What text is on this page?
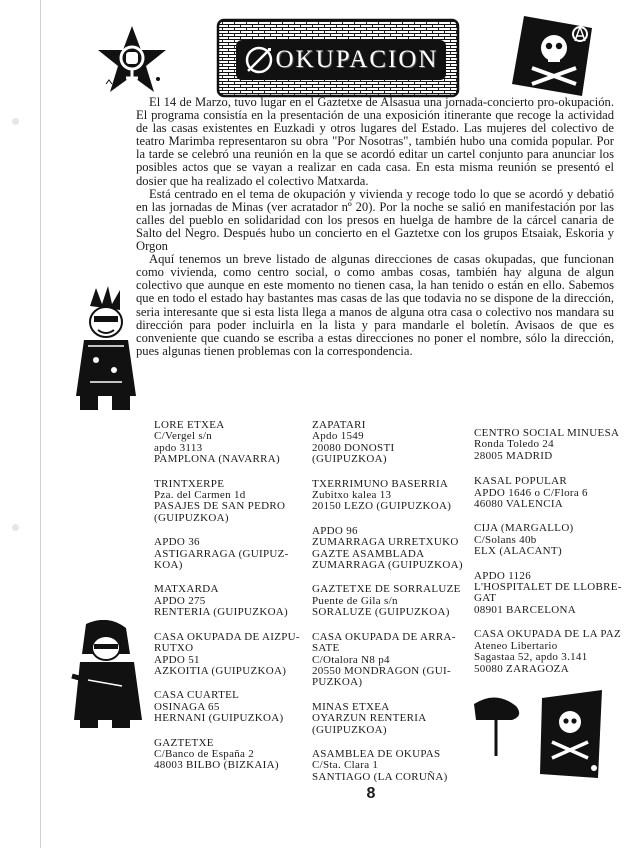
OKUPACION

El 14 de Marzo, tuvo lugar en el Gaztetxe de Alsasua una jornada-concierto pro-okupación. El programa consistía en la presentación de una exposición itinerante que recoge la actividad de las casas existentes en Euzkadi y otros lugares del Estado. Las mujeres del colectivo de teatro Marimba representaron su obra "Por Nosotras", también hubo una comida popular. Por la tarde se celebró una reunión en la que se acordó editar un cartel conjunto para anunciar los posibles actos que se vayan a realizar en cada casa. En esta misma reunión se presentó el dosier que ha realizado el colectivo Matxarda.

Está centrado en el tema de okupación y vivienda y recoge todo lo que se acordó y debatió en las jornadas de Minas (ver acratador nº 20). Por la noche se salió en manifestación por las calles del pueblo en solidaridad con los presos en huelga de hambre de la cárcel canaria de Salto del Negro. Después hubo un concierto en el Gaztetxe con los grupos Etsaiak, Eskoria y Orgon

Aquí tenemos un breve listado de algunas direcciones de casas okupadas, que funcionan como vivienda, como centro social, o como ambas cosas, también hay alguna de algun colectivo que aunque en este momento no tienen casa, la han tenido o están en ello. Sabemos que en todo el estado hay bastantes mas casas de las que todavia no se dispone de la dirección, seria interesante que si esta lista llega a manos de alguna otra casa o colectivo nos mandara su dirección para poder incluirla en la lista y para mandarle el boletín. Avisaos de que es conveniente que cuando se escriba a estas direcciones no poner el nombre, sólo la dirección, pues algunas tienen problemas con la correspondencia.

LORE ETXEA
C/Vergel s/n
apdo 3113
PAMPLONA (NAVARRA)
TRINTXERPE
Pza. del Carmen 1d
PASAJES DE SAN PEDRO
(GUIPUZKOA)
APDO 36
ASTIGARRAGA (GUIPUZ-
KOA)
MATXARDA
APDO 275
RENTERIA (GUIPUZKOA)
CASA OKUPADA DE AIZPU-
RUTXO
APDO 51
AZKOITIA (GUIPUZKOA)
CASA CUARTEL
OSINAGA 65
HERNANI (GUIPUZKOA)
GAZTETXE
C/Banco de España 2
48003 BILBO (BIZKAIA)
ZAPATARI
Apdo 1549
20080 DONOSTI
(GUIPUZKOA)
TXERRIMUNO BASERRIA
Zubitxo kalea 13
20150 LEZO (GUIPUZKOA)
APDO 96
ZUMARRAGA URRETXUKO
GAZTE ASAMBLADA
ZUMARRAGA (GUIPUZKOA)
GAZTETXE DE SORRALUZE
Puente de Gila s/n
SORALUZE (GUIPUZKOA)
CASA OKUPADA DE ARRA-
SATE
C/Otalora N8 p4
20550 MONDRAGON (GUI-
PUZKOA)
MINAS ETXEA
OYARZUN RENTERIA
(GUIPUZKOA)
ASAMBLEA DE OKUPAS
C/Sta. Clara 1
SANTIAGO (LA CORUÑA)
CENTRO SOCIAL MINUESA
Ronda Toledo 24
28005 MADRID
KASAL POPULAR
APDO 1646 o C/Flora 6
46080 VALENCIA
CIJA (MARGALLO)
C/Solans 40b
ELX (ALACANT)
APDO 1126
L'HOSPITALET DE LLOBRE-
GAT
08901 BARCELONA
CASA OKUPADA DE LA PAZ
Ateneo Libertario
Sagastaa 52, apdo 3.141
50080 ZARAGOZA
8
